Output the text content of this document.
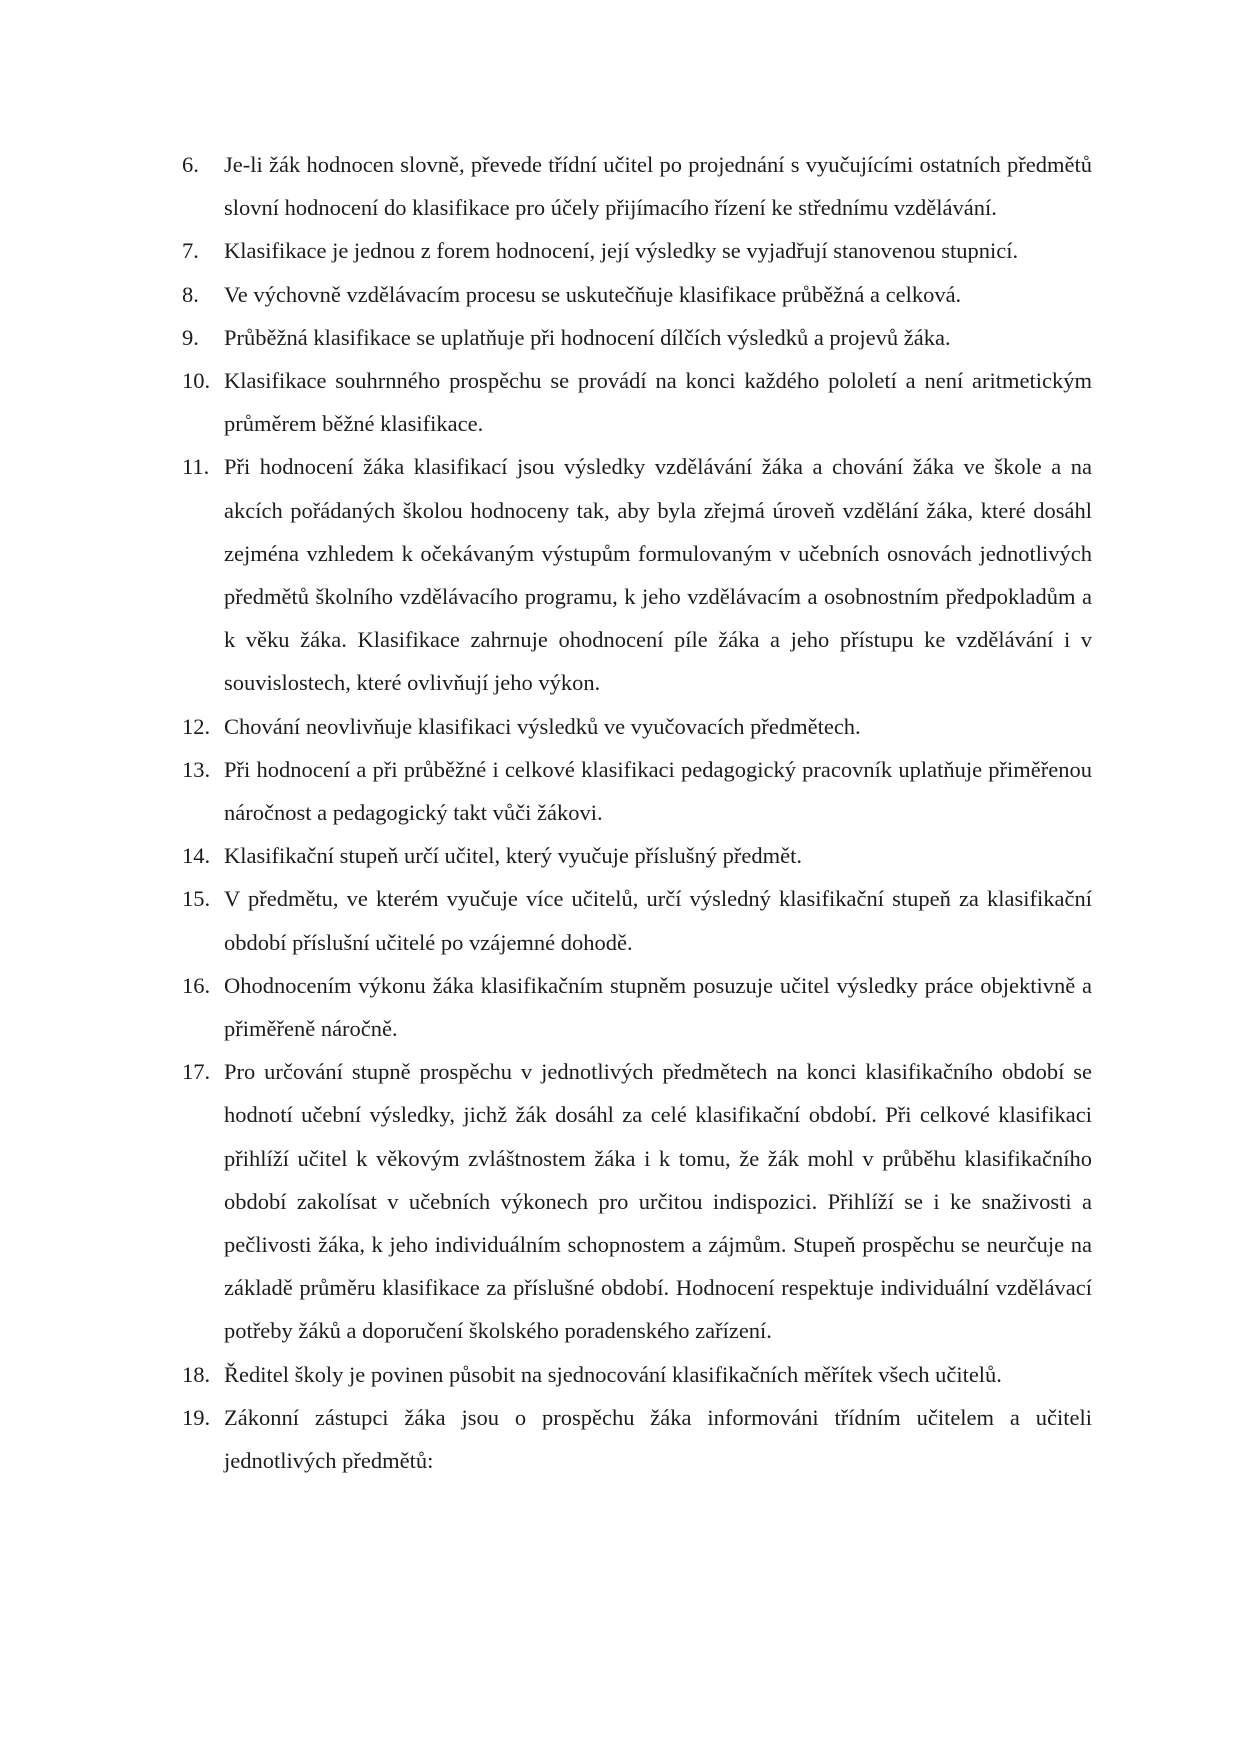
6.	Je-li žák hodnocen slovně, převede třídní učitel po projednání s vyučujícími ostatních předmětů slovní hodnocení do klasifikace pro účely přijímacího řízení ke střednímu vzdělávání.
7.	Klasifikace je jednou z forem hodnocení, její výsledky se vyjadřují stanovenou stupnicí.
8.	Ve výchovně vzdělávacím procesu se uskutečňuje klasifikace průběžná a celková.
9.	Průběžná klasifikace se uplatňuje při hodnocení dílčích výsledků a projevů žáka.
10. Klasifikace souhrnného prospěchu se provádí na konci každého pololetí a není aritmetickým průměrem běžné klasifikace.
11. Při hodnocení žáka klasifikací jsou výsledky vzdělávání žáka a chování žáka ve škole a na akcích pořádaných školou hodnoceny tak, aby byla zřejmá úroveň vzdělání žáka, které dosáhl zejména vzhledem k očekávaným výstupům formulovaným v učebních osnovách jednotlivých předmětů školního vzdělávacího programu, k jeho vzdělávacím a osobnostním předpokladům a k věku žáka. Klasifikace zahrnuje ohodnocení píle žáka a jeho přístupu ke vzdělávání i v souvislostech, které ovlivňují jeho výkon.
12. Chování neovlivňuje klasifikaci výsledků ve vyučovacích předmětech.
13. Při hodnocení a při průběžné i celkové klasifikaci pedagogický pracovník uplatňuje přiměřenou náročnost a pedagogický takt vůči žákovi.
14. Klasifikační stupeň určí učitel, který vyučuje příslušný předmět.
15. V předmětu, ve kterém vyučuje více učitelů, určí výsledný klasifikační stupeň za klasifikační období příslušní učitelé po vzájemné dohodě.
16. Ohodnocením výkonu žáka klasifikačním stupněm posuzuje učitel výsledky práce objektivně a přiměřeně náročně.
17. Pro určování stupně prospěchu v jednotlivých předmětech na konci klasifikačního období se hodnotí učební výsledky, jichž žák dosáhl za celé klasifikační období. Při celkové klasifikaci přihlíží učitel k věkovým zvláštnostem žáka i k tomu, že žák mohl v průběhu klasifikačního období zakolísat v učebních výkonech pro určitou indispozici. Přihlíží se i ke snaživosti a pečlivosti žáka, k jeho individuálním schopnostem a zájmům. Stupeň prospěchu se neurčuje na základě průměru klasifikace za příslušné období. Hodnocení respektuje individuální vzdělávací potřeby žáků a doporučení školského poradenského zařízení.
18. Ředitel školy je povinen působit na sjednocování klasifikačních měřítek všech učitelů.
19. Zákonní zástupci žáka jsou o prospěchu žáka informováni třídním učitelem a učiteli jednotlivých předmětů:
